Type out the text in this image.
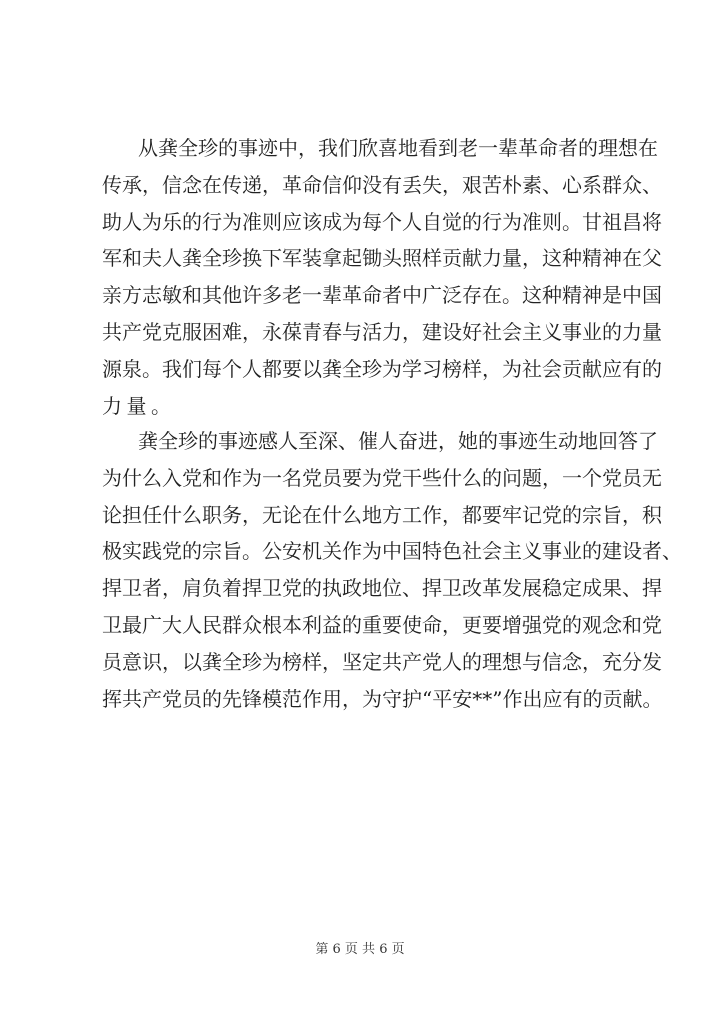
从龚全珍的事迹中，我们欣喜地看到老一辈革命者的理想在
传承，信念在传递，革命信仰没有丢失，艰苦朴素、心系群众、
助人为乐的行为准则应该成为每个人自觉的行为准则。甘祖昌将
军和夫人龚全珍换下军装拿起锄头照样贡献力量，这种精神在父
亲方志敏和其他许多老一辈革命者中广泛存在。这种精神是中国
共产党克服困难，永葆青春与活力，建设好社会主义事业的力量
源泉。我们每个人都要以龚全珍为学习榜样，为社会贡献应有的
力量。
龚全珍的事迹感人至深、催人奋进，她的事迹生动地回答了
为什么入党和作为一名党员要为党干些什么的问题，一个党员无
论担任什么职务，无论在什么地方工作，都要牢记党的宗旨，积
极实践党的宗旨。公安机关作为中国特色社会主义事业的建设者、
捍卫者，肩负着捍卫党的执政地位、捍卫改革发展稳定成果、捍
卫最广大人民群众根本利益的重要使命，更要增强党的观念和党
员意识，以龚全珍为榜样，坚定共产党人的理想与信念，充分发
挥共产党员的先锋模范作用，为守护“平安**”作出应有的贡献。
第 6 页 共 6 页
